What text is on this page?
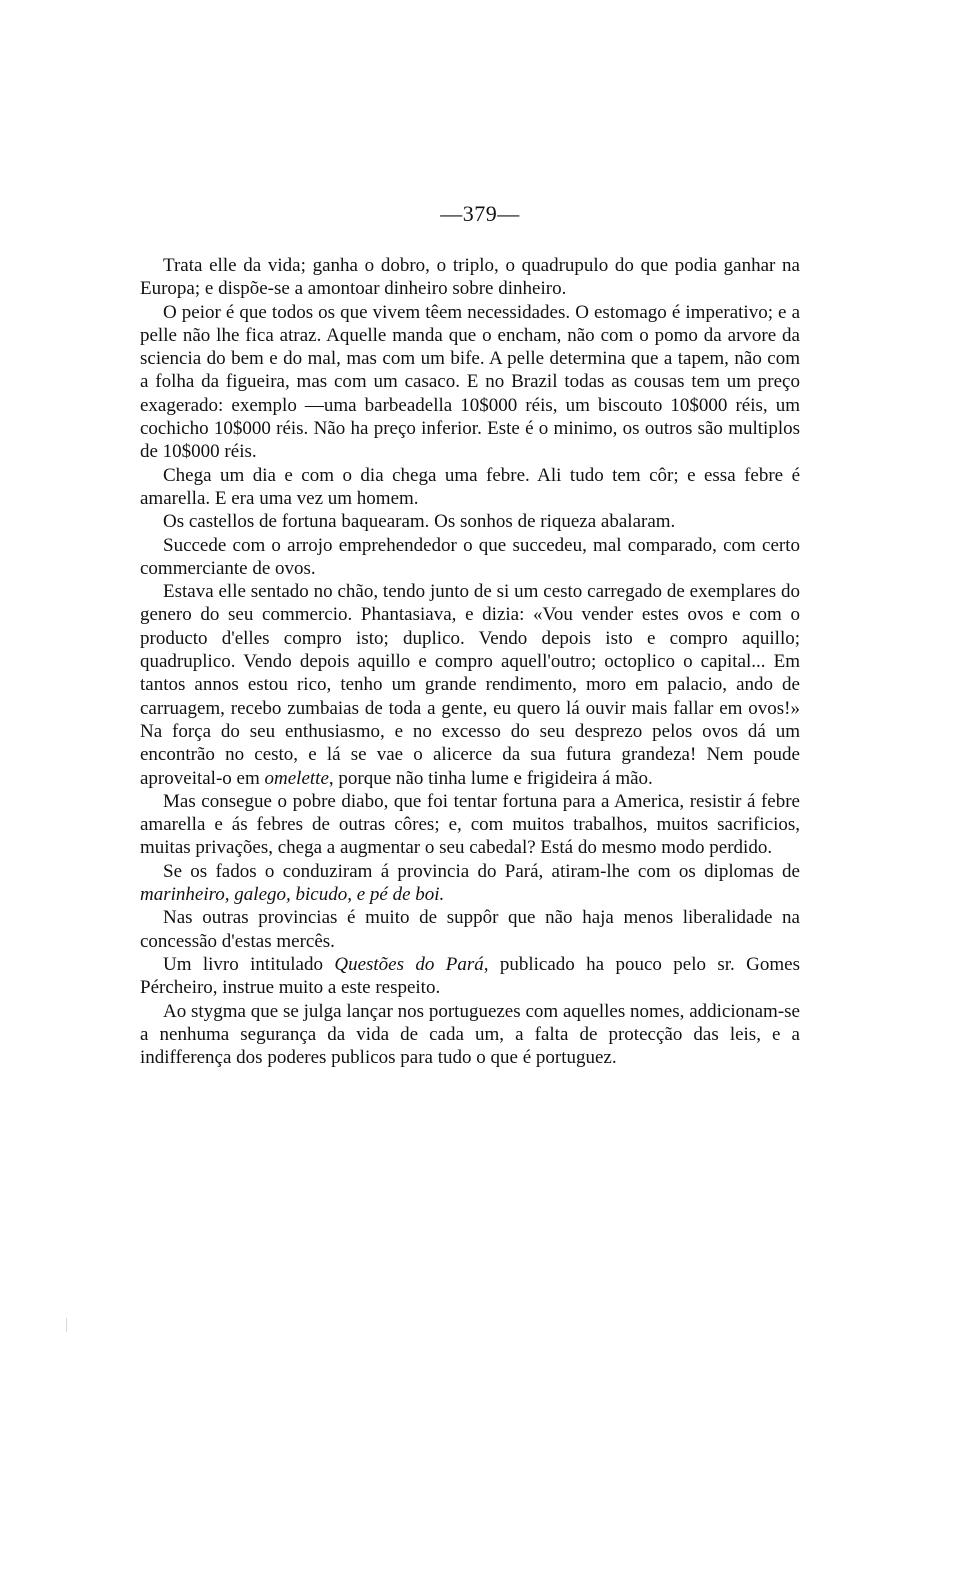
—379—

Trata elle da vida; ganha o dobro, o triplo, o quadrupulo do que podia ganhar na Europa; e dispõe-se a amontoar dinheiro sobre dinheiro.

O peior é que todos os que vivem têem necessidades. O estomago é imperativo; e a pelle não lhe fica atraz. Aquelle manda que o encham, não com o pomo da arvore da sciencia do bem e do mal, mas com um bife. A pelle determina que a tapem, não com a folha da figueira, mas com um casaco. E no Brazil todas as cousas tem um preço exagerado: exemplo —uma barbeadella 10$000 réis, um biscouto 10$000 réis, um cochicho 10$000 réis. Não ha preço inferior. Este é o minimo, os outros são multiplos de 10$000 réis.

Chega um dia e com o dia chega uma febre. Ali tudo tem côr; e essa febre é amarella. E era uma vez um homem.

Os castellos de fortuna baquearam. Os sonhos de riqueza abalaram.

Succede com o arrojo emprehendedor o que succedeu, mal comparado, com certo commerciante de ovos.

Estava elle sentado no chão, tendo junto de si um cesto carregado de exemplares do genero do seu commercio. Phantasiava, e dizia: «Vou vender estes ovos e com o producto d'elles compro isto; duplico. Vendo depois isto e compro aquillo; quadruplico. Vendo depois aquillo e compro aquell'outro; octoplico o capital... Em tantos annos estou rico, tenho um grande rendimento, moro em palacio, ando de carruagem, recebo zumbaias de toda a gente, eu quero lá ouvir mais fallar em ovos!» Na força do seu enthusiasmo, e no excesso do seu desprezo pelos ovos dá um encontrão no cesto, e lá se vae o alicerce da sua futura grandeza! Nem poude aproveital-o em omelette, porque não tinha lume e frigideira á mão.

Mas consegue o pobre diabo, que foi tentar fortuna para a America, resistir á febre amarella e ás febres de outras côres; e, com muitos trabalhos, muitos sacrificios, muitas privações, chega a augmentar o seu cabedal? Está do mesmo modo perdido.

Se os fados o conduziram á provincia do Pará, atiram-lhe com os diplomas de marinheiro, galego, bicudo, e pé de boi.

Nas outras provincias é muito de suppôr que não haja menos liberalidade na concessão d'estas mercês.

Um livro intitulado Questões do Pará, publicado ha pouco pelo sr. Gomes Pércheiro, instrue muito a este respeito.

Ao stygma que se julga lançar nos portuguezes com aquelles nomes, addicionam-se a nenhuma segurança da vida de cada um, a falta de protecção das leis, e a indifferença dos poderes publicos para tudo o que é portuguez.
